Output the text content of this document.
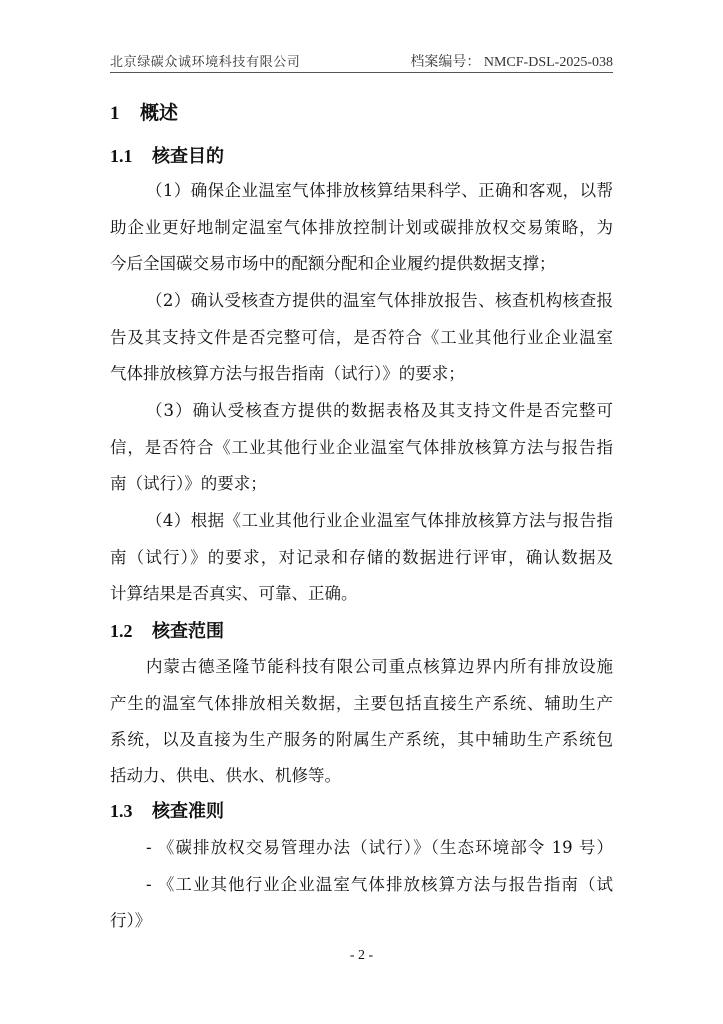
北京绿碳众诚环境科技有限公司	档案编号： NMCF-DSL-2025-038
1 概述
1.1 核查目的
（1）确保企业温室气体排放核算结果科学、正确和客观，以帮
助企业更好地制定温室气体排放控制计划或碳排放权交易策略，为
今后全国碳交易市场中的配额分配和企业履约提供数据支撑；
（2）确认受核查方提供的温室气体排放报告、核查机构核查报
告及其支持文件是否完整可信，是否符合《工业其他行业企业温室
气体排放核算方法与报告指南（试行）》的要求；
（3）确认受核查方提供的数据表格及其支持文件是否完整可
信，是否符合《工业其他行业企业温室气体排放核算方法与报告指
南（试行）》的要求；
（4）根据《工业其他行业企业温室气体排放核算方法与报告指
南（试行）》的要求，对记录和存储的数据进行评审，确认数据及
计算结果是否真实、可靠、正确。
1.2 核查范围
内蒙古德圣隆节能科技有限公司重点核算边界内所有排放设施
产生的温室气体排放相关数据，主要包括直接生产系统、辅助生产
系统，以及直接为生产服务的附属生产系统，其中辅助生产系统包
括动力、供电、供水、机修等。
1.3 核查准则
- 《碳排放权交易管理办法（试行）》（生态环境部令 19 号）
- 《工业其他行业企业温室气体排放核算方法与报告指南（试
行）》
- 2 -
